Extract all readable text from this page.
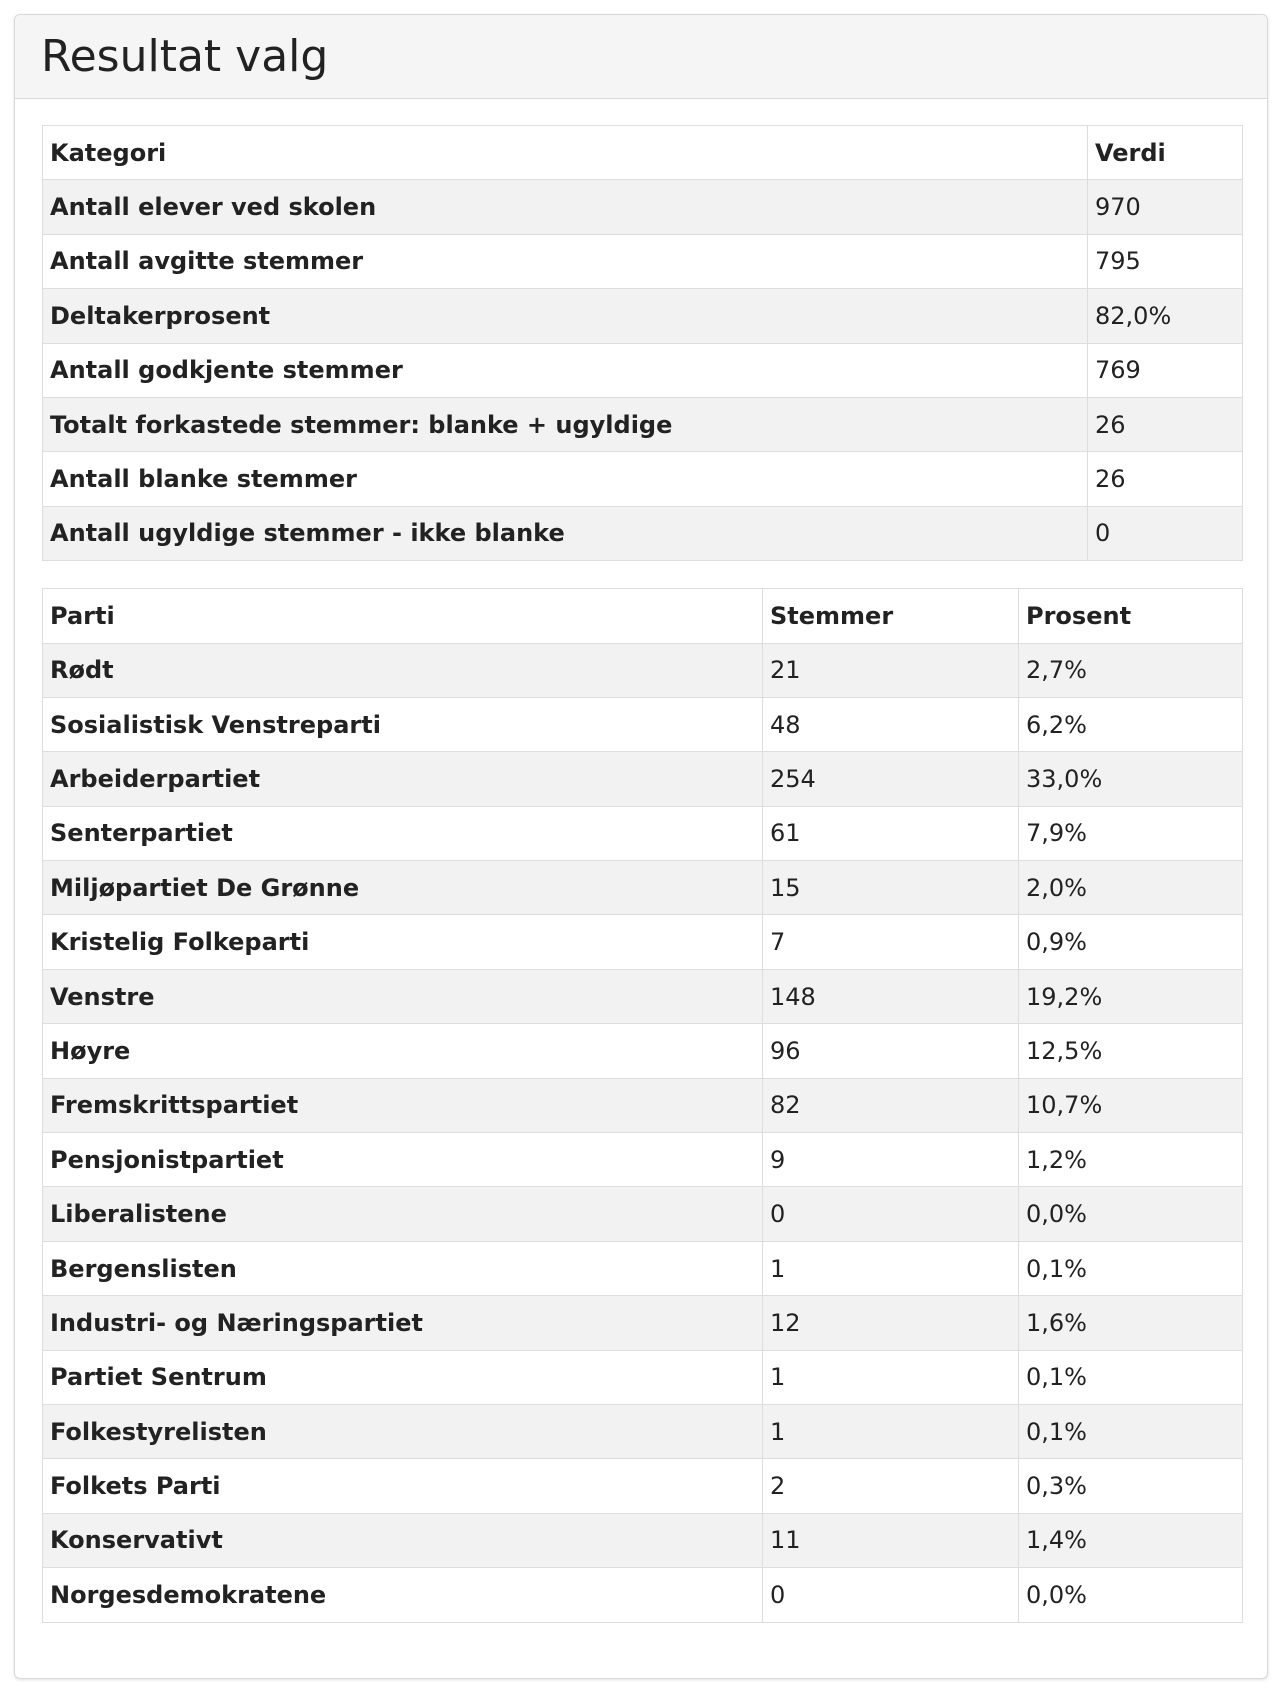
Resultat valg
Kategori	Verdi
Antall elever ved skolen	970
Antall avgitte stemmer	795
Deltakerprosent	82,0%
Antall godkjente stemmer	769
Totalt forkastede stemmer: blanke + ugyldige	26
Antall blanke stemmer	26
Antall ugyldige stemmer - ikke blanke	0
Parti	Stemmer	Prosent
Rødt	21	2,7%
Sosialistisk Venstreparti	48	6,2%
Arbeiderpartiet	254	33,0%
Senterpartiet	61	7,9%
Miljøpartiet De Grønne	15	2,0%
Kristelig Folkeparti	7	0,9%
Venstre	148	19,2%
Høyre	96	12,5%
Fremskrittspartiet	82	10,7%
Pensjonistpartiet	9	1,2%
Liberalistene	0	0,0%
Bergenslisten	1	0,1%
Industri- og Næringspartiet	12	1,6%
Partiet Sentrum	1	0,1%
Folkestyrelisten	1	0,1%
Folkets Parti	2	0,3%
Konservativt	11	1,4%
Norgesdemokratene	0	0,0%
